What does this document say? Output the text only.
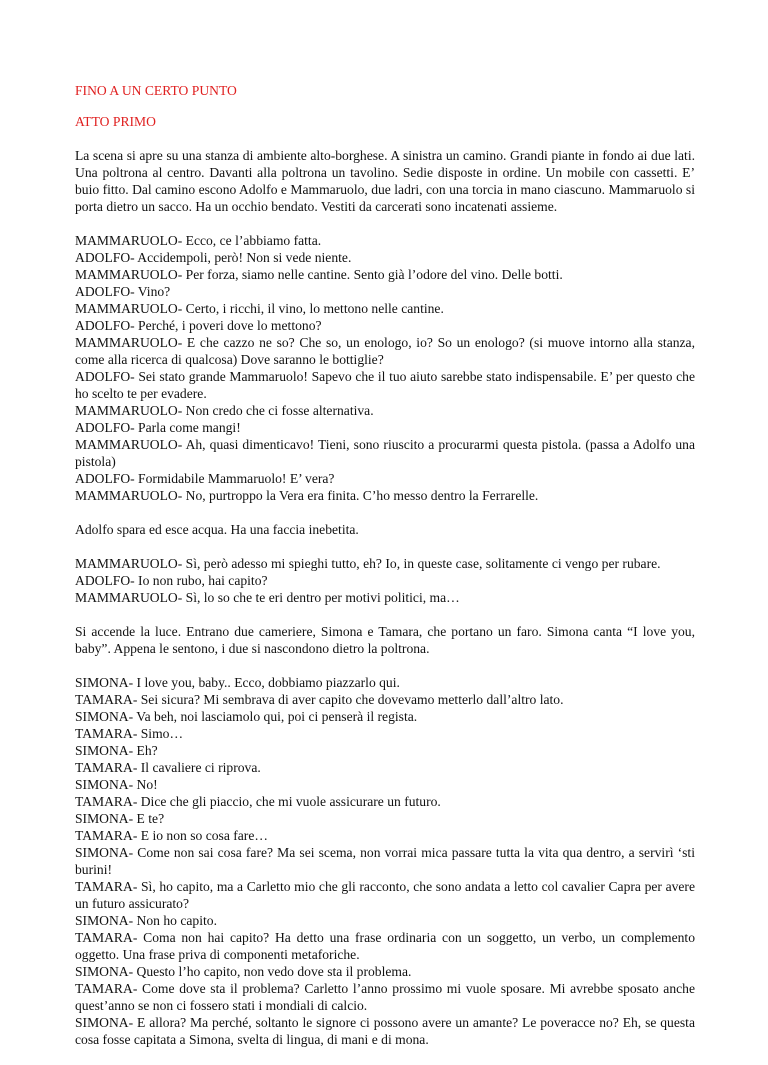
FINO A UN CERTO PUNTO

ATTO PRIMO

La scena si apre su una stanza di ambiente alto-borghese. A sinistra un camino. Grandi piante in fondo ai due lati. Una poltrona al centro. Davanti alla poltrona un tavolino. Sedie disposte in ordine. Un mobile con cassetti. E’ buio fitto. Dal camino escono Adolfo e Mammaruolo, due ladri, con una torcia in mano ciascuno. Mammaruolo si porta dietro un sacco. Ha un occhio bendato. Vestiti da carcerati sono incatenati assieme.

MAMMARUOLO- Ecco, ce l’abbiamo fatta.

ADOLFO- Accidempoli, però! Non si vede niente.

MAMMARUOLO- Per forza, siamo nelle cantine. Sento già l’odore del vino. Delle botti.

ADOLFO- Vino?

MAMMARUOLO- Certo, i ricchi, il vino, lo mettono nelle cantine.

ADOLFO- Perché, i poveri dove lo mettono?

MAMMARUOLO- E che cazzo ne so? Che so, un enologo, io? So un enologo? (si muove intorno alla stanza, come alla ricerca di qualcosa) Dove saranno le bottiglie?

ADOLFO- Sei stato grande Mammaruolo! Sapevo che il tuo aiuto sarebbe stato indispensabile. E’ per questo che ho scelto te per evadere.

MAMMARUOLO- Non credo che ci fosse alternativa.

ADOLFO- Parla come mangi!

MAMMARUOLO- Ah, quasi dimenticavo! Tieni, sono riuscito a procurarmi questa pistola. (passa a Adolfo una pistola)

ADOLFO- Formidabile Mammaruolo! E’ vera?

MAMMARUOLO- No, purtroppo la Vera era finita. C’ho messo dentro la Ferrarelle.

Adolfo spara ed esce acqua. Ha una faccia inebetita.

MAMMARUOLO- Sì, però adesso mi spieghi tutto, eh? Io, in queste case, solitamente ci vengo per rubare.

ADOLFO- Io non rubo, hai capito?

MAMMARUOLO- Sì, lo so che te eri dentro per motivi politici, ma…

Si accende la luce. Entrano due cameriere, Simona e Tamara, che portano un faro. Simona canta “I love you, baby”. Appena le sentono, i due si nascondono dietro la poltrona.

SIMONA- I love you, baby.. Ecco, dobbiamo piazzarlo qui.

TAMARA- Sei sicura? Mi sembrava di aver capito che dovevamo metterlo dall’altro lato.

SIMONA- Va beh, noi lasciamolo qui, poi ci penserà il regista.

TAMARA- Simo…

SIMONA- Eh?

TAMARA- Il cavaliere ci riprova.

SIMONA- No!

TAMARA- Dice che gli piaccio, che mi vuole assicurare un futuro.

SIMONA- E te?

TAMARA- E io non so cosa fare…

SIMONA- Come non sai cosa fare? Ma sei scema, non vorrai mica passare tutta la vita qua dentro, a servirì ‘sti burini!

TAMARA- Sì, ho capito, ma a Carletto mio che gli racconto, che sono andata a letto col cavalier Capra per avere un futuro assicurato?

SIMONA- Non ho capito.

TAMARA- Coma non hai capito? Ha detto una frase ordinaria con un soggetto, un verbo, un complemento oggetto. Una frase priva di componenti metaforiche.

SIMONA- Questo l’ho capito, non vedo dove sta il problema.

TAMARA- Come dove sta il problema? Carletto l’anno prossimo mi vuole sposare. Mi avrebbe sposato anche quest’anno se non ci fossero stati i mondiali di calcio.

SIMONA- E allora? Ma perché, soltanto le signore ci possono avere un amante? Le poveracce no? Eh, se questa cosa fosse capitata a Simona, svelta di lingua, di mani e di mona.
